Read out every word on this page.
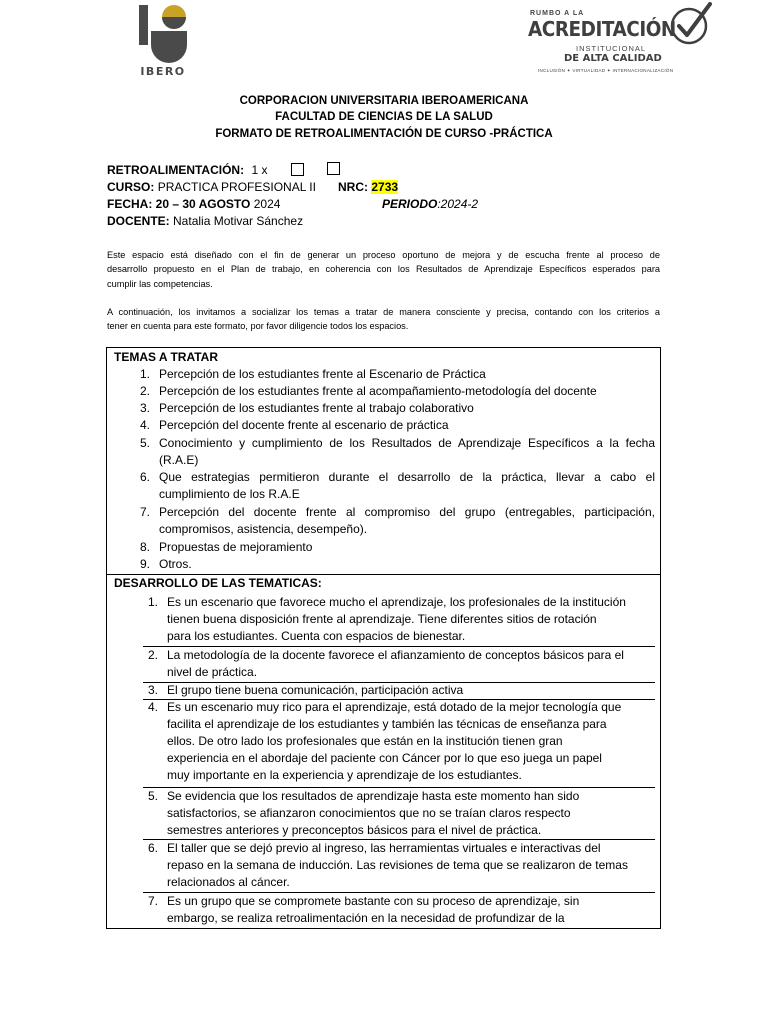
IBERO
RUMBO A LA
ACREDITACIÓN
INSTITUCIONAL
DE ALTA CALIDAD
INCLUSIÓN ✦ VIRTUALIDAD ✦ INTERNACIONALIZACIÓN
CORPORACION UNIVERSITARIA IBEROAMERICANA
FACULTAD DE CIENCIAS DE LA SALUD
FORMATO DE RETROALIMENTACIÓN DE CURSO -PRÁCTICA
RETROALIMENTACIÓN: 1 x
CURSO: PRACTICA PROFESIONAL II NRC: 2733
FECHA: 20 – 30 AGOSTO 2024	PERIODO:2024-2
DOCENTE: Natalia Motivar Sánchez
Este espacio está diseñado con el fin de generar un proceso oportuno de mejora y de escucha frente al proceso de
desarrollo propuesto en el Plan de trabajo, en coherencia con los Resultados de Aprendizaje Específicos esperados para
cumplir las competencias.
A continuación, los invitamos a socializar los temas a tratar de manera consciente y precisa, contando con los criterios a
tener en cuenta para este formato, por favor diligencie todos los espacios.
TEMAS A TRATAR
1. Percepción de los estudiantes frente al Escenario de Práctica
2. Percepción de los estudiantes frente al acompañamiento-metodología del docente
3. Percepción de los estudiantes frente al trabajo colaborativo
4. Percepción del docente frente al escenario de práctica
5. Conocimiento y cumplimiento de los Resultados de Aprendizaje Específicos a la fecha (R.A.E)
6. Que estrategias permitieron durante el desarrollo de la práctica, llevar a cabo el cumplimiento de los R.A.E
7. Percepción del docente frente al compromiso del grupo (entregables, participación, compromisos, asistencia, desempeño).
8. Propuestas de mejoramiento
9. Otros.
DESARROLLO DE LAS TEMATICAS:
1. Es un escenario que favorece mucho el aprendizaje, los profesionales de la institución
tienen buena disposición frente al aprendizaje. Tiene diferentes sitios de rotación
para los estudiantes. Cuenta con espacios de bienestar.
2. La metodología de la docente favorece el afianzamiento de conceptos básicos para el
nivel de práctica.
3. El grupo tiene buena comunicación, participación activa
4. Es un escenario muy rico para el aprendizaje, está dotado de la mejor tecnología que
facilita el aprendizaje de los estudiantes y también las técnicas de enseñanza para
ellos. De otro lado los profesionales que están en la institución tienen gran
experiencia en el abordaje del paciente con Cáncer por lo que eso juega un papel
muy importante en la experiencia y aprendizaje de los estudiantes.
5. Se evidencia que los resultados de aprendizaje hasta este momento han sido
satisfactorios, se afianzaron conocimientos que no se traían claros respecto
semestres anteriores y preconceptos básicos para el nivel de práctica.
6. El taller que se dejó previo al ingreso, las herramientas virtuales e interactivas del
repaso en la semana de inducción. Las revisiones de tema que se realizaron de temas
relacionados al cáncer.
7. Es un grupo que se compromete bastante con su proceso de aprendizaje, sin
embargo, se realiza retroalimentación en la necesidad de profundizar de la
